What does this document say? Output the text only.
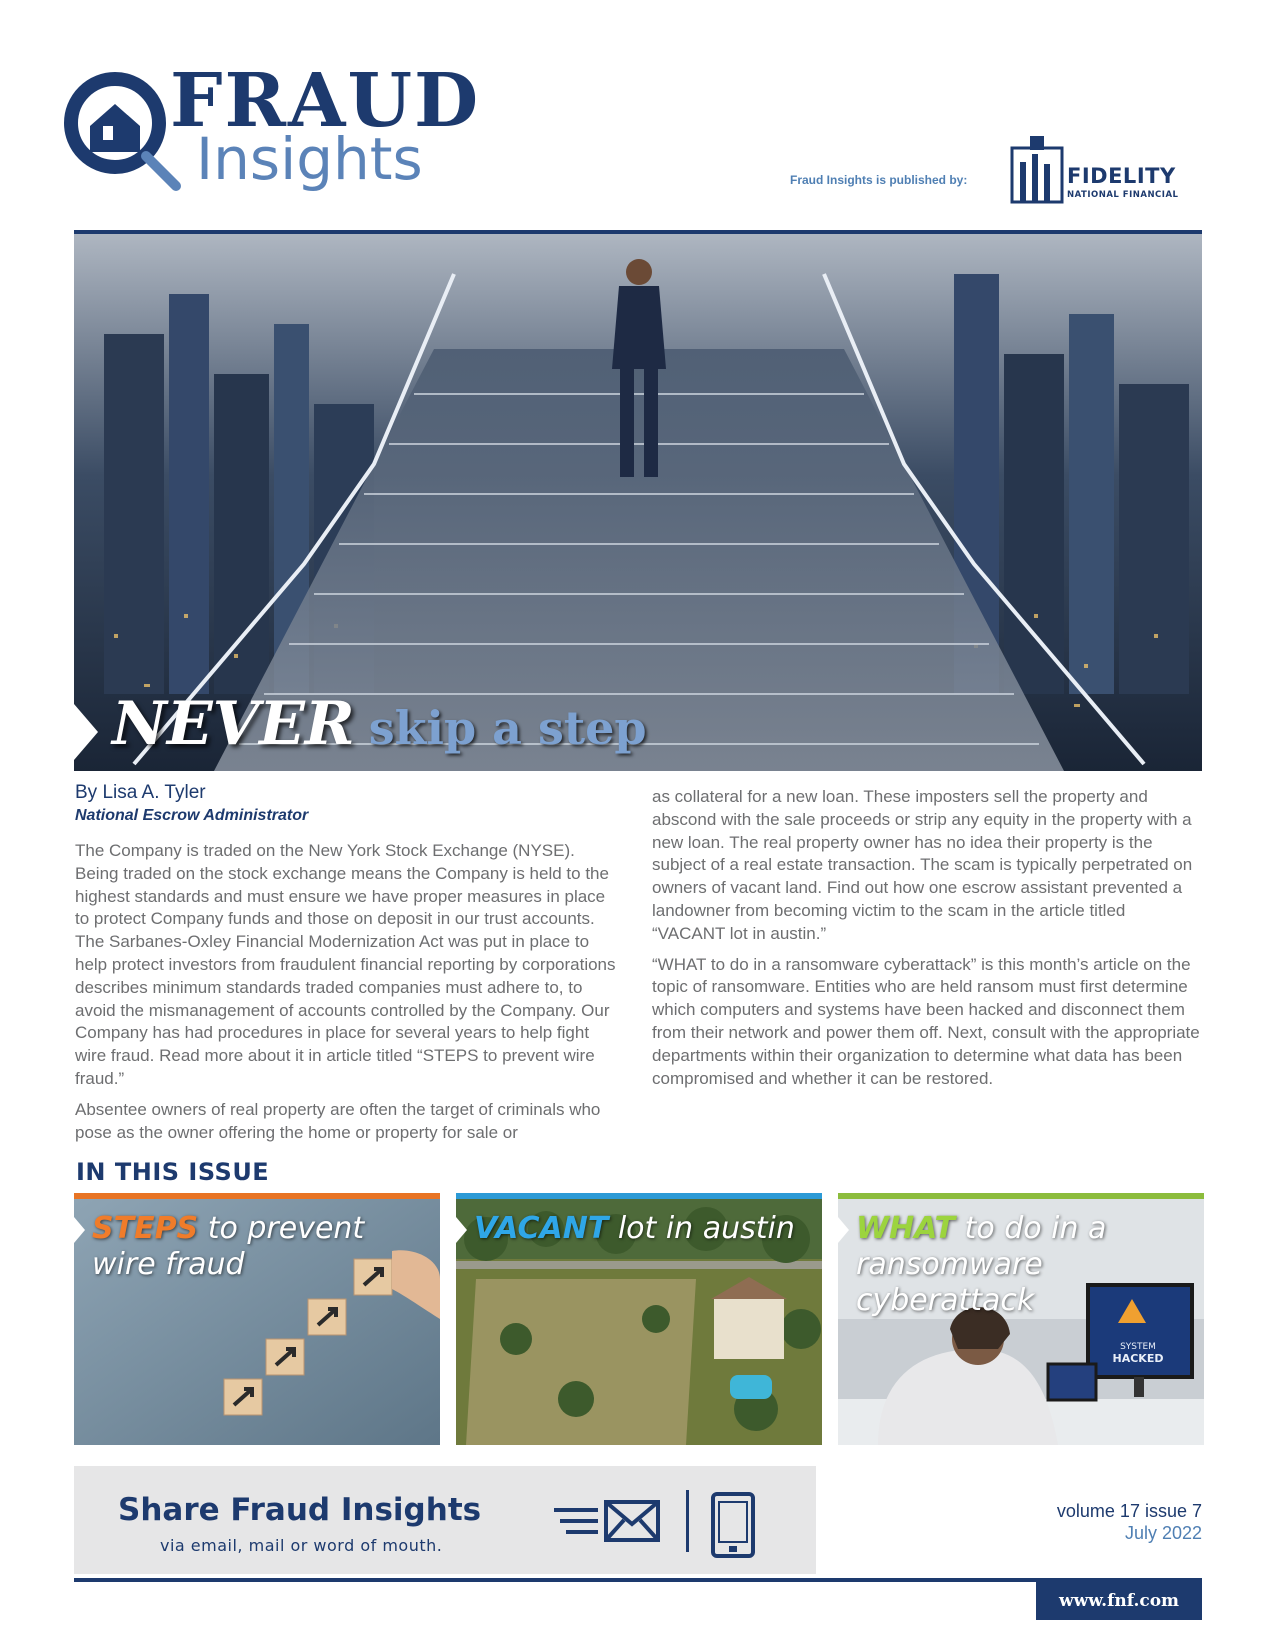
FRAUD
Insights	Fraud Insights is published by:	FIDELITY
NATIONAL FINANCIAL
NEVER skip a step
By Lisa A. Tyler
National Escrow Administrator

The Company is traded on the New York Stock Exchange (NYSE). Being traded on the stock exchange means the Company is held to the highest standards and must ensure we have proper measures in place to protect Company funds and those on deposit in our trust accounts. The Sarbanes-Oxley Financial Modernization Act was put in place to help protect investors from fraudulent financial reporting by corporations describes minimum standards traded companies must adhere to, to avoid the mismanagement of accounts controlled by the Company. Our Company has had procedures in place for several years to help fight wire fraud. Read more about it in article titled “STEPS to prevent wire fraud.”

Absentee owners of real property are often the target of criminals who pose as the owner offering the home or property for sale or

as collateral for a new loan. These imposters sell the property and abscond with the sale proceeds or strip any equity in the property with a new loan. The real property owner has no idea their property is the subject of a real estate transaction. The scam is typically perpetrated on owners of vacant land. Find out how one escrow assistant prevented a landowner from becoming victim to the scam in the article titled “VACANT lot in austin.”

“WHAT to do in a ransomware cyberattack” is this month’s article on the topic of ransomware. Entities who are held ransom must first determine which computers and systems have been hacked and disconnect them from their network and power them off. Next, consult with the appropriate departments within their organization to determine what data has been compromised and whether it can be restored.

IN THIS ISSUE
STEPS to prevent wire fraud
VACANT lot in austin
SYSTEM
HACKED
WHAT to do in a ransomware cyberattack
Share Fraud Insights
via email, mail or word of mouth.
volume 17 issue 7
July 2022
www.fnf.com
